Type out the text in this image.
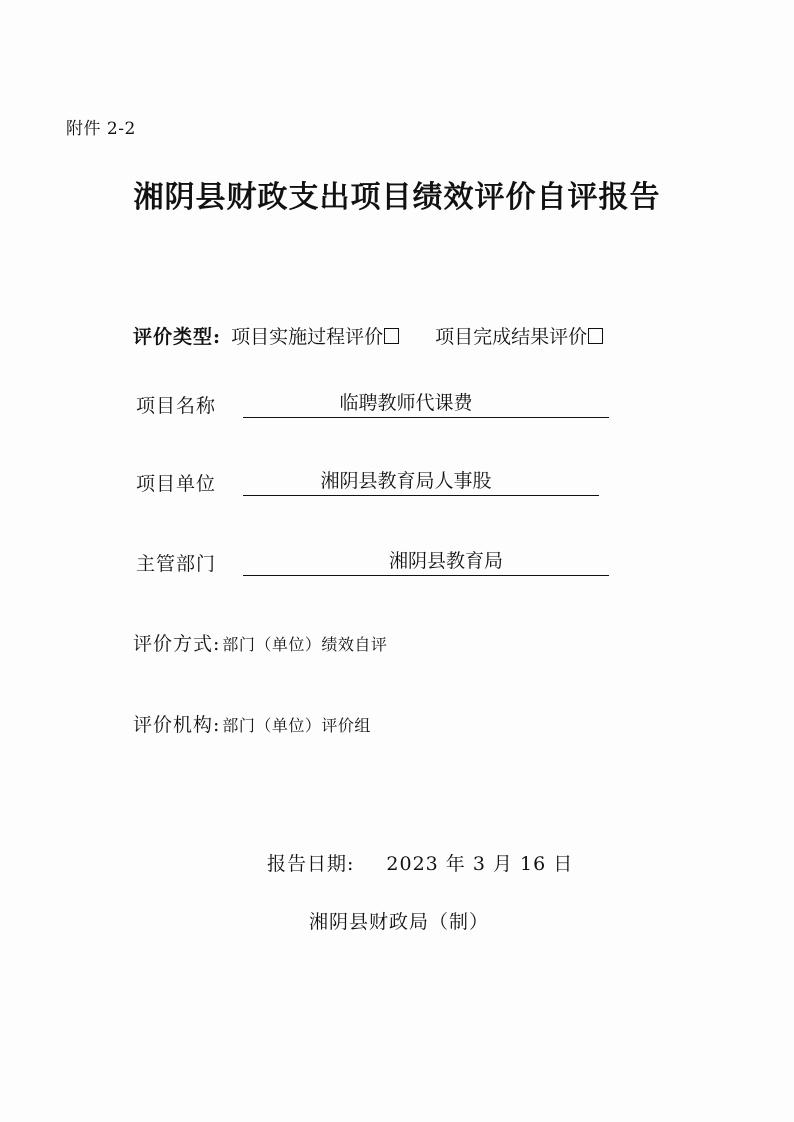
附件 2-2
湘阴县财政支出项目绩效评价自评报告
评价类型: 项目实施过程评价	项目完成结果评价
项目名称	临聘教师代课费
项目单位	湘阴县教育局人事股
主管部门	湘阴县教育局
评价方式: 部门（单位）绩效自评
评价机构: 部门（单位）评价组
报告日期: 2023 年 3 月 16 日
湘阴县财政局（制）
